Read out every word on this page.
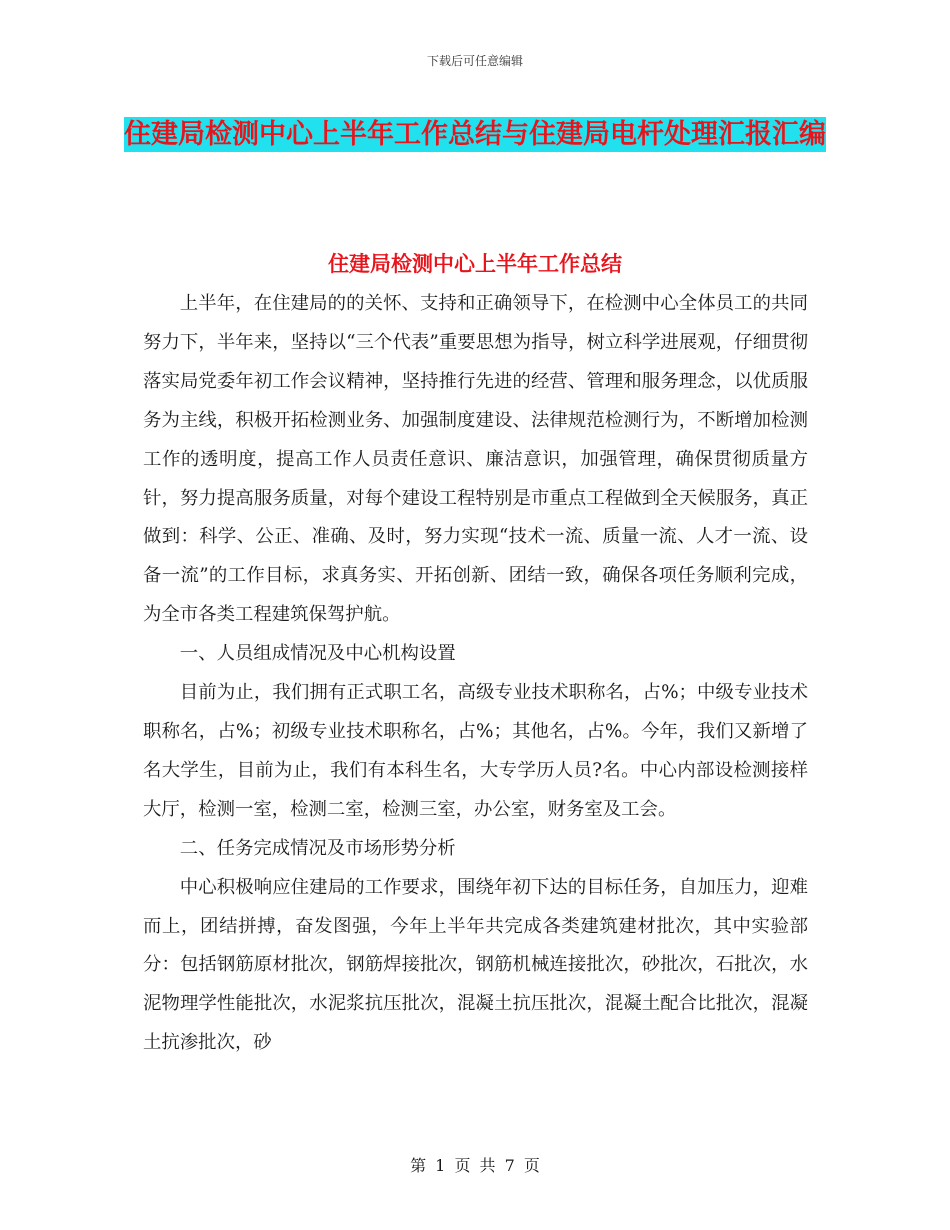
下载后可任意编辑
住建局检测中心上半年工作总结与住建局电杆处理汇报汇编
住建局检测中心上半年工作总结

上半年，在住建局的的关怀、支持和正确领导下，在检测中心全体员工的共同努力下，半年来，坚持以“三个代表”重要思想为指导，树立科学进展观，仔细贯彻落实局党委年初工作会议精神，坚持推行先进的经营、管理和服务理念，以优质服务为主线，积极开拓检测业务、加强制度建设、法律规范检测行为，不断增加检测工作的透明度，提高工作人员责任意识、廉洁意识，加强管理，确保贯彻质量方针，努力提高服务质量，对每个建设工程特别是市重点工程做到全天候服务，真正做到：科学、公正、准确、及时，努力实现“技术一流、质量一流、人才一流、设备一流”的工作目标，求真务实、开拓创新、团结一致，确保各项任务顺利完成，为全市各类工程建筑保驾护航。

一、人员组成情况及中心机构设置

目前为止，我们拥有正式职工名，高级专业技术职称名，占%；中级专业技术职称名，占%；初级专业技术职称名，占%；其他名，占%。今年，我们又新增了名大学生，目前为止，我们有本科生名，大专学历人员?名。中心内部设检测接样大厅，检测一室，检测二室，检测三室，办公室，财务室及工会。

二、任务完成情况及市场形势分析

中心积极响应住建局的工作要求，围绕年初下达的目标任务，自加压力，迎难而上，团结拼搏，奋发图强，今年上半年共完成各类建筑建材批次，其中实验部分：包括钢筋原材批次，钢筋焊接批次，钢筋机械连接批次，砂批次，石批次，水泥物理学性能批次，水泥浆抗压批次，混凝土抗压批次，混凝土配合比批次，混凝土抗渗批次，砂

第 1 页 共 7 页
